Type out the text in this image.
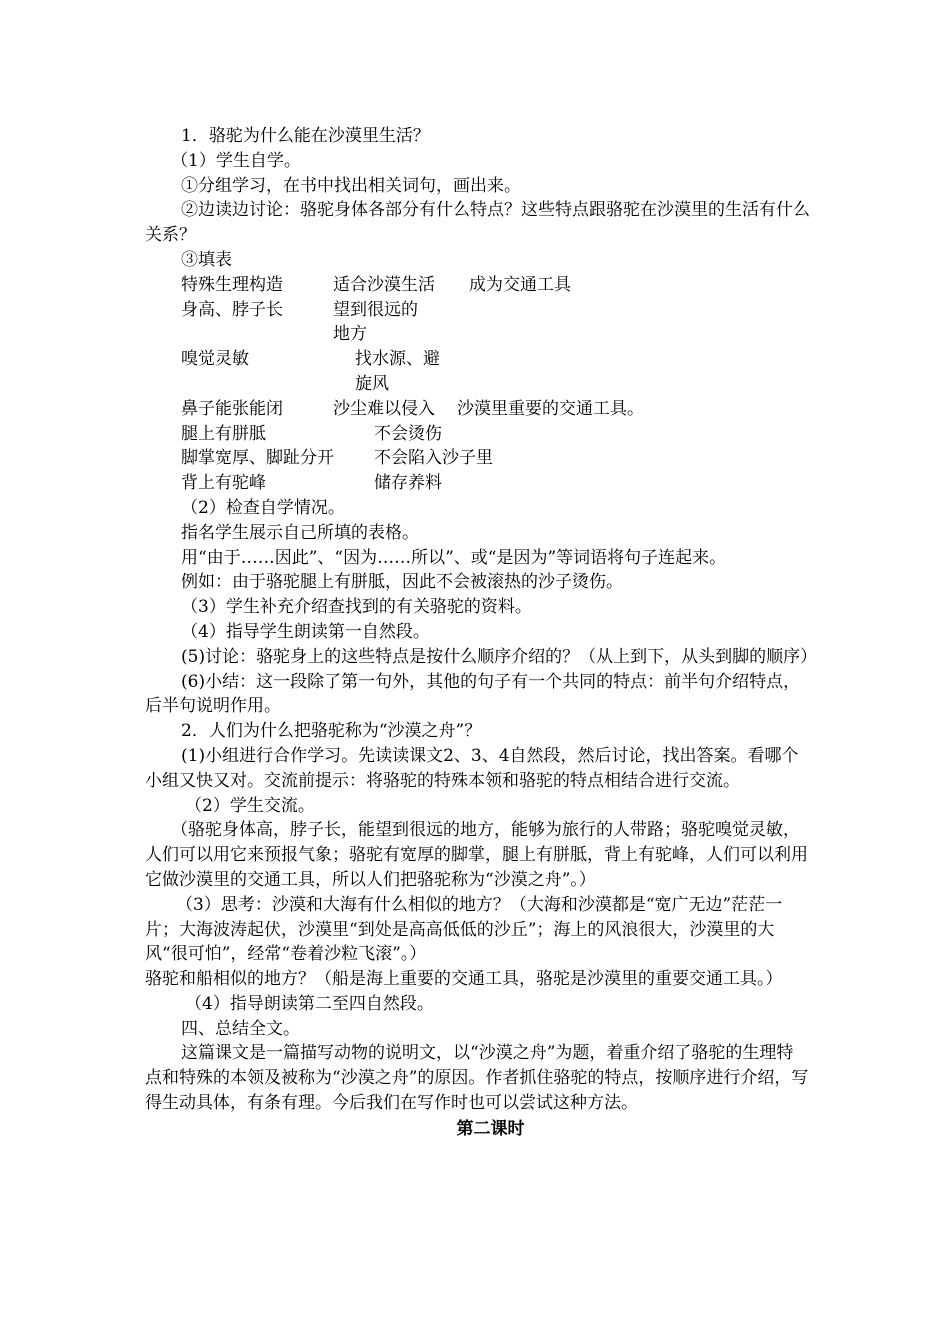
1．骆驼为什么能在沙漠里生活？

（1）学生自学。

①分组学习，在书中找出相关词句，画出来。

②边读边讨论：骆驼身体各部分有什么特点？这些特点跟骆驼在沙漠里的生活有什么关系？

③填表

特殊生理构造	适合沙漠生活	成为交通工具
身高、脖子长	望到很远的地方
嗅觉灵敏	找水源、避旋风
鼻子能张能闭	沙尘难以侵入	沙漠里重要的交通工具。
腿上有胼胝	不会烫伤
脚掌宽厚、脚趾分开	不会陷入沙子里
背上有驼峰	储存养料

（2）检查自学情况。

指名学生展示自己所填的表格。

用“由于……因此”、“因为……所以”、或“是因为”等词语将句子连起来。

例如：由于骆驼腿上有胼胝，因此不会被滚热的沙子烫伤。

（3）学生补充介绍查找到的有关骆驼的资料。

（4）指导学生朗读第一自然段。

(5)讨论：骆驼身上的这些特点是按什么顺序介绍的？（从上到下，从头到脚的顺序）

(6)小结：这一段除了第一句外，其他的句子有一个共同的特点：前半句介绍特点，后半句说明作用。

2．人们为什么把骆驼称为“沙漠之舟”？

(1)小组进行合作学习。先读读课文2、3、4自然段，然后讨论，找出答案。看哪个小组又快又对。交流前提示：将骆驼的特殊本领和骆驼的特点相结合进行交流。

（2）学生交流。

（骆驼身体高，脖子长，能望到很远的地方，能够为旅行的人带路；骆驼嗅觉灵敏，人们可以用它来预报气象；骆驼有宽厚的脚掌，腿上有胼胝，背上有驼峰，人们可以利用它做沙漠里的交通工具，所以人们把骆驼称为“沙漠之舟”。）

（3）思考：沙漠和大海有什么相似的地方？（大海和沙漠都是“宽广无边”茫茫一片；大海波涛起伏，沙漠里“到处是高高低低的沙丘”；海上的风浪很大，沙漠里的大风“很可怕”，经常“卷着沙粒飞滚”。）

骆驼和船相似的地方？（船是海上重要的交通工具，骆驼是沙漠里的重要交通工具。）

（4）指导朗读第二至四自然段。

四、总结全文。

这篇课文是一篇描写动物的说明文，以“沙漠之舟”为题，着重介绍了骆驼的生理特点和特殊的本领及被称为“沙漠之舟”的原因。作者抓住骆驼的特点，按顺序进行介绍，写得生动具体，有条有理。今后我们在写作时也可以尝试这种方法。

第二课时
